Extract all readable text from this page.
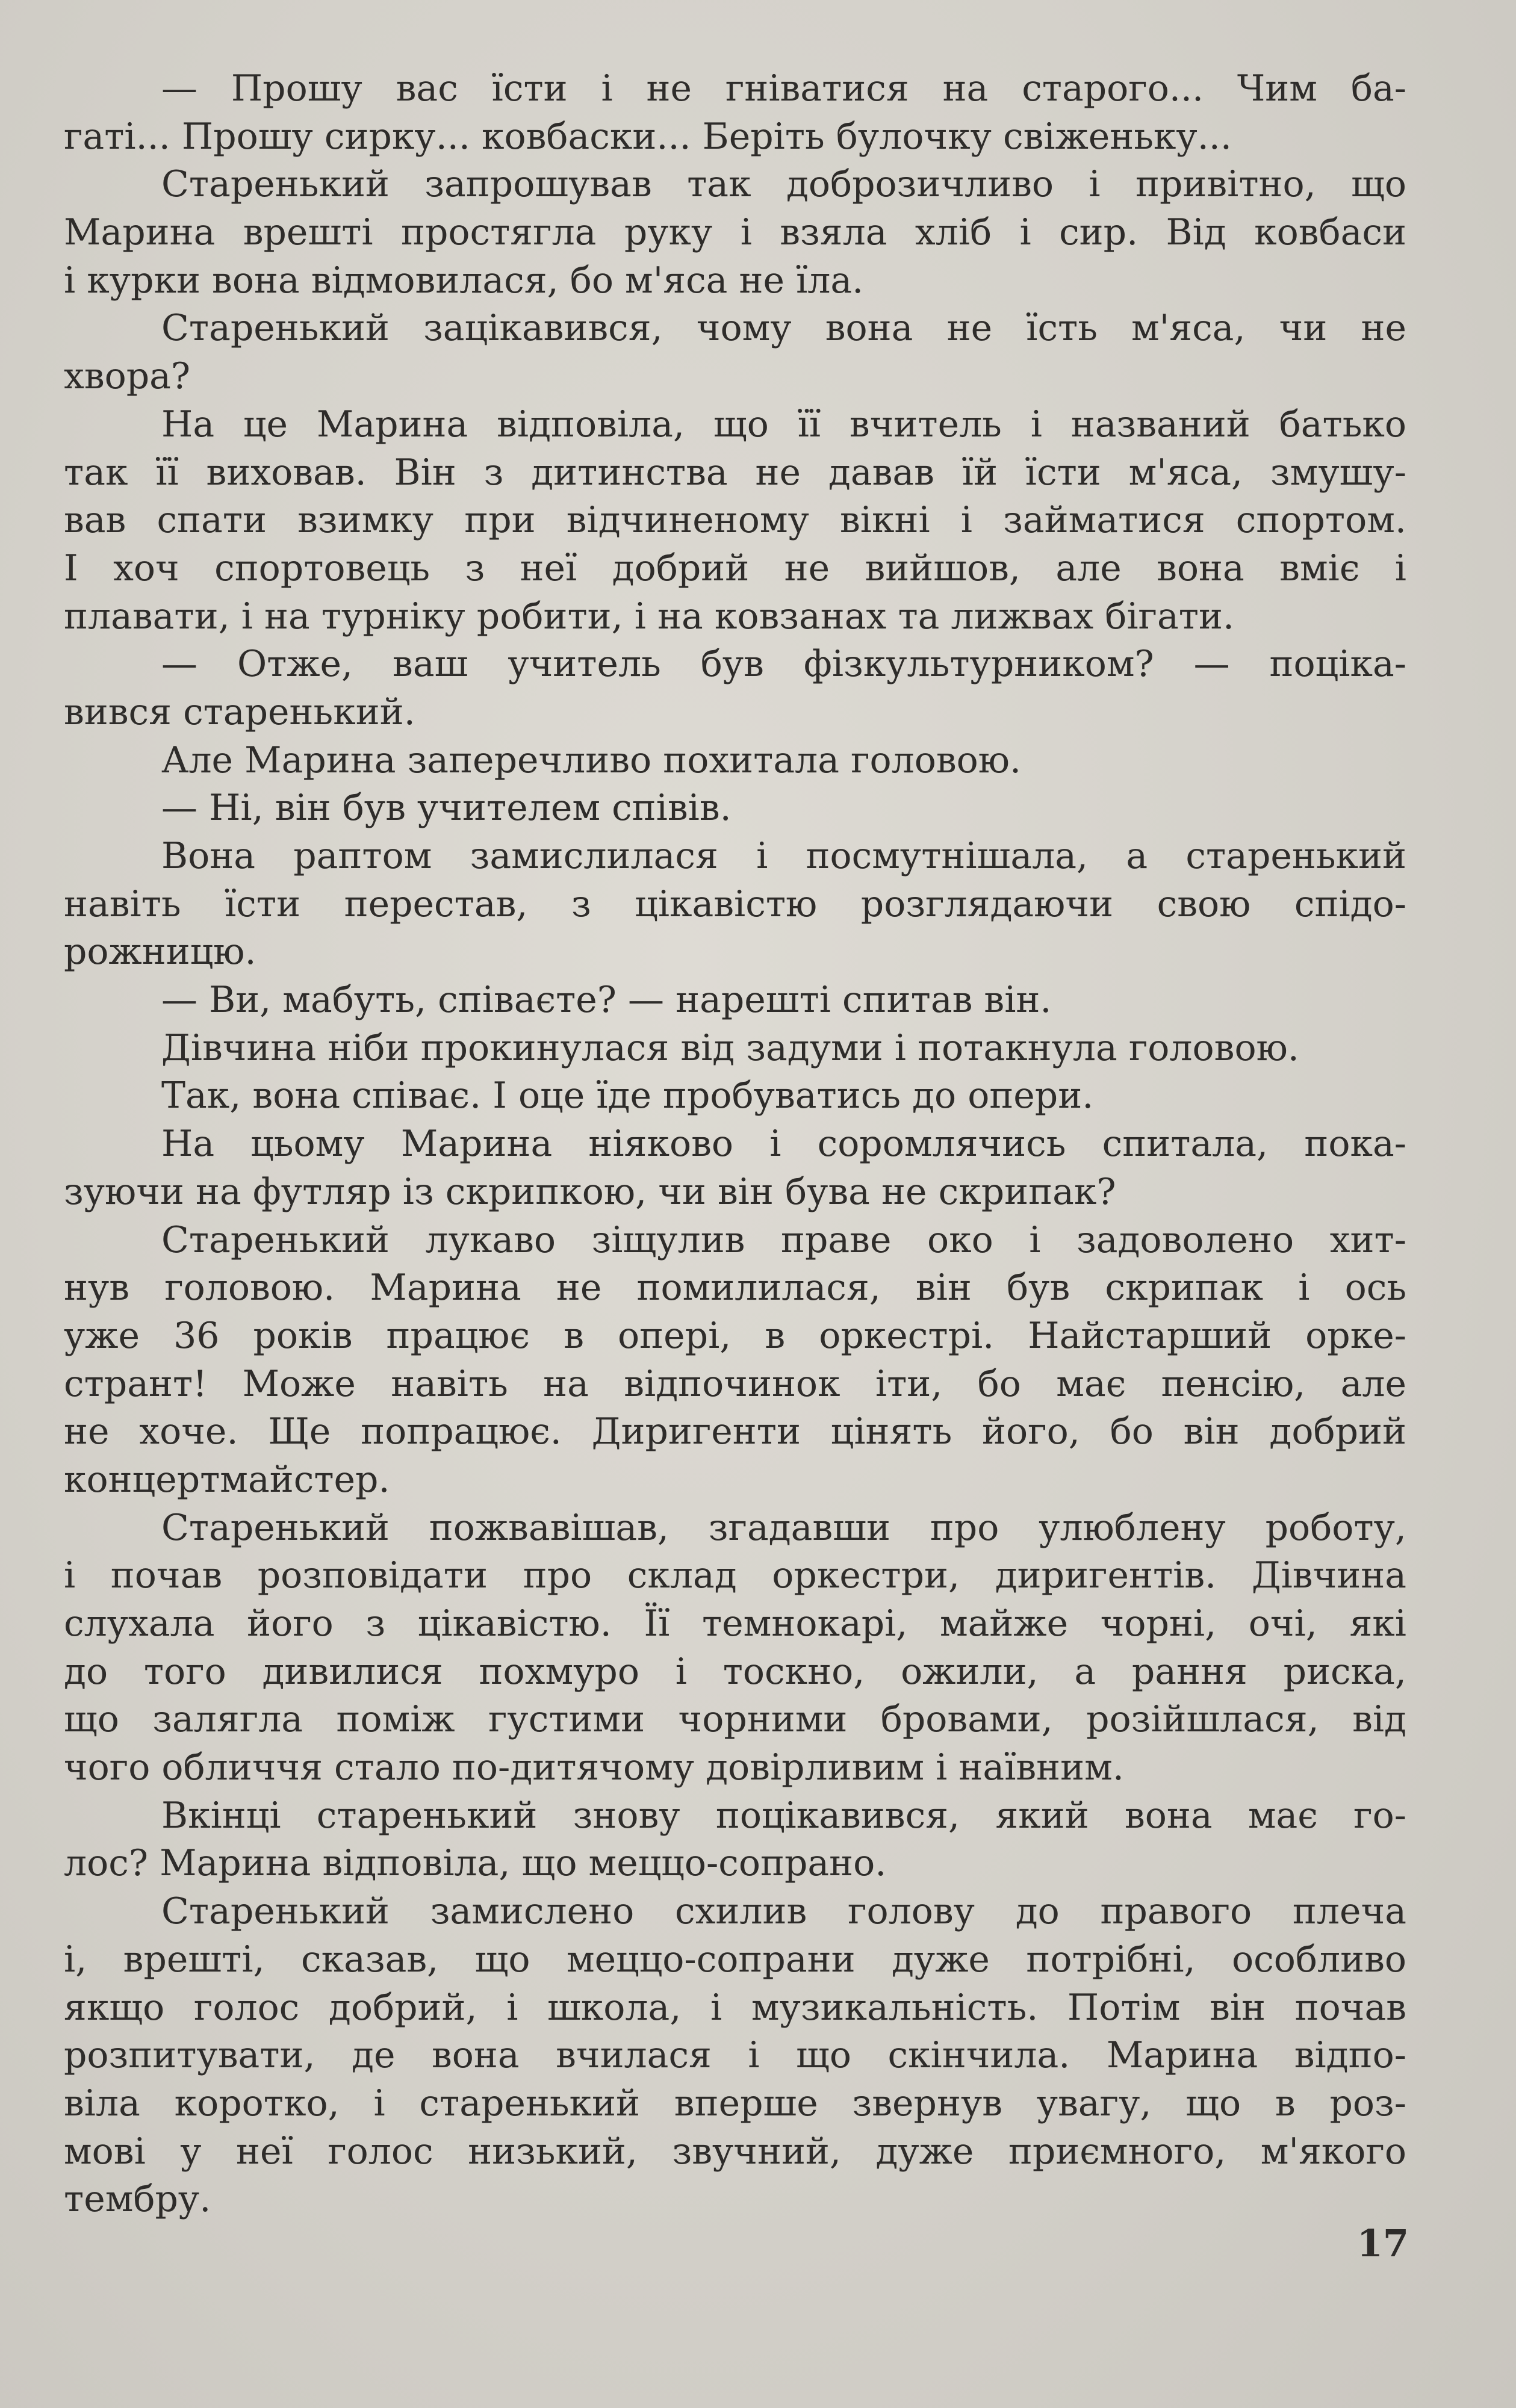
— Прошу вас їсти і не гніватися на старого... Чим ба-
гаті... Прошу сирку... ковбаски... Беріть булочку свіженьку...
Старенький запрошував так доброзичливо і привітно, що
Марина врешті простягла руку і взяла хліб і сир. Від ковбаси
і курки вона відмовилася, бо м'яса не їла.
Старенький зацікавився, чому вона не їсть м'яса, чи не
хвора?
На це Марина відповіла, що її вчитель і названий батько
так її виховав. Він з дитинства не давав їй їсти м'яса, змушу-
вав спати взимку при відчиненому вікні і займатися спортом.
І хоч спортовець з неї добрий не вийшов, але вона вміє і
плавати, і на турніку робити, і на ковзанах та лижвах бігати.
— Отже, ваш учитель був фізкультурником? — поціка-
вився старенький.
Але Марина заперечливо похитала головою.
— Ні, він був учителем співів.
Вона раптом замислилася і посмутнішала, а старенький
навіть їсти перестав, з цікавістю розглядаючи свою спідо-
рожницю.
— Ви, мабуть, співаєте? — нарешті спитав він.
Дівчина ніби прокинулася від задуми і потакнула головою.
Так, вона співає. І оце їде пробуватись до опери.
На цьому Марина ніяково і соромлячись спитала, пока-
зуючи на футляр із скрипкою, чи він бува не скрипак?
Старенький лукаво зіщулив праве око і задоволено хит-
нув головою. Марина не помилилася, він був скрипак і ось
уже 36 років працює в опері, в оркестрі. Найстарший орке-
странт! Може навіть на відпочинок іти, бо має пенсію, але
не хоче. Ще попрацює. Диригенти цінять його, бо він добрий
концертмайстер.
Старенький пожвавішав, згадавши про улюблену роботу,
і почав розповідати про склад оркестри, диригентів. Дівчина
слухала його з цікавістю. Її темнокарі, майже чорні, очі, які
до того дивилися похмуро і тоскно, ожили, а рання риска,
що залягла поміж густими чорними бровами, розійшлася, від
чого обличчя стало по-дитячому довірливим і наївним.
Вкінці старенький знову поцікавився, який вона має го-
лос? Марина відповіла, що меццо-сопрано.
Старенький замислено схилив голову до правого плеча
і, врешті, сказав, що меццо-сопрани дуже потрібні, особливо
якщо голос добрий, і школа, і музикальність. Потім він почав
розпитувати, де вона вчилася і що скінчила. Марина відпо-
віла коротко, і старенький вперше звернув увагу, що в роз-
мові у неї голос низький, звучний, дуже приємного, м'якого
тембру.
17
